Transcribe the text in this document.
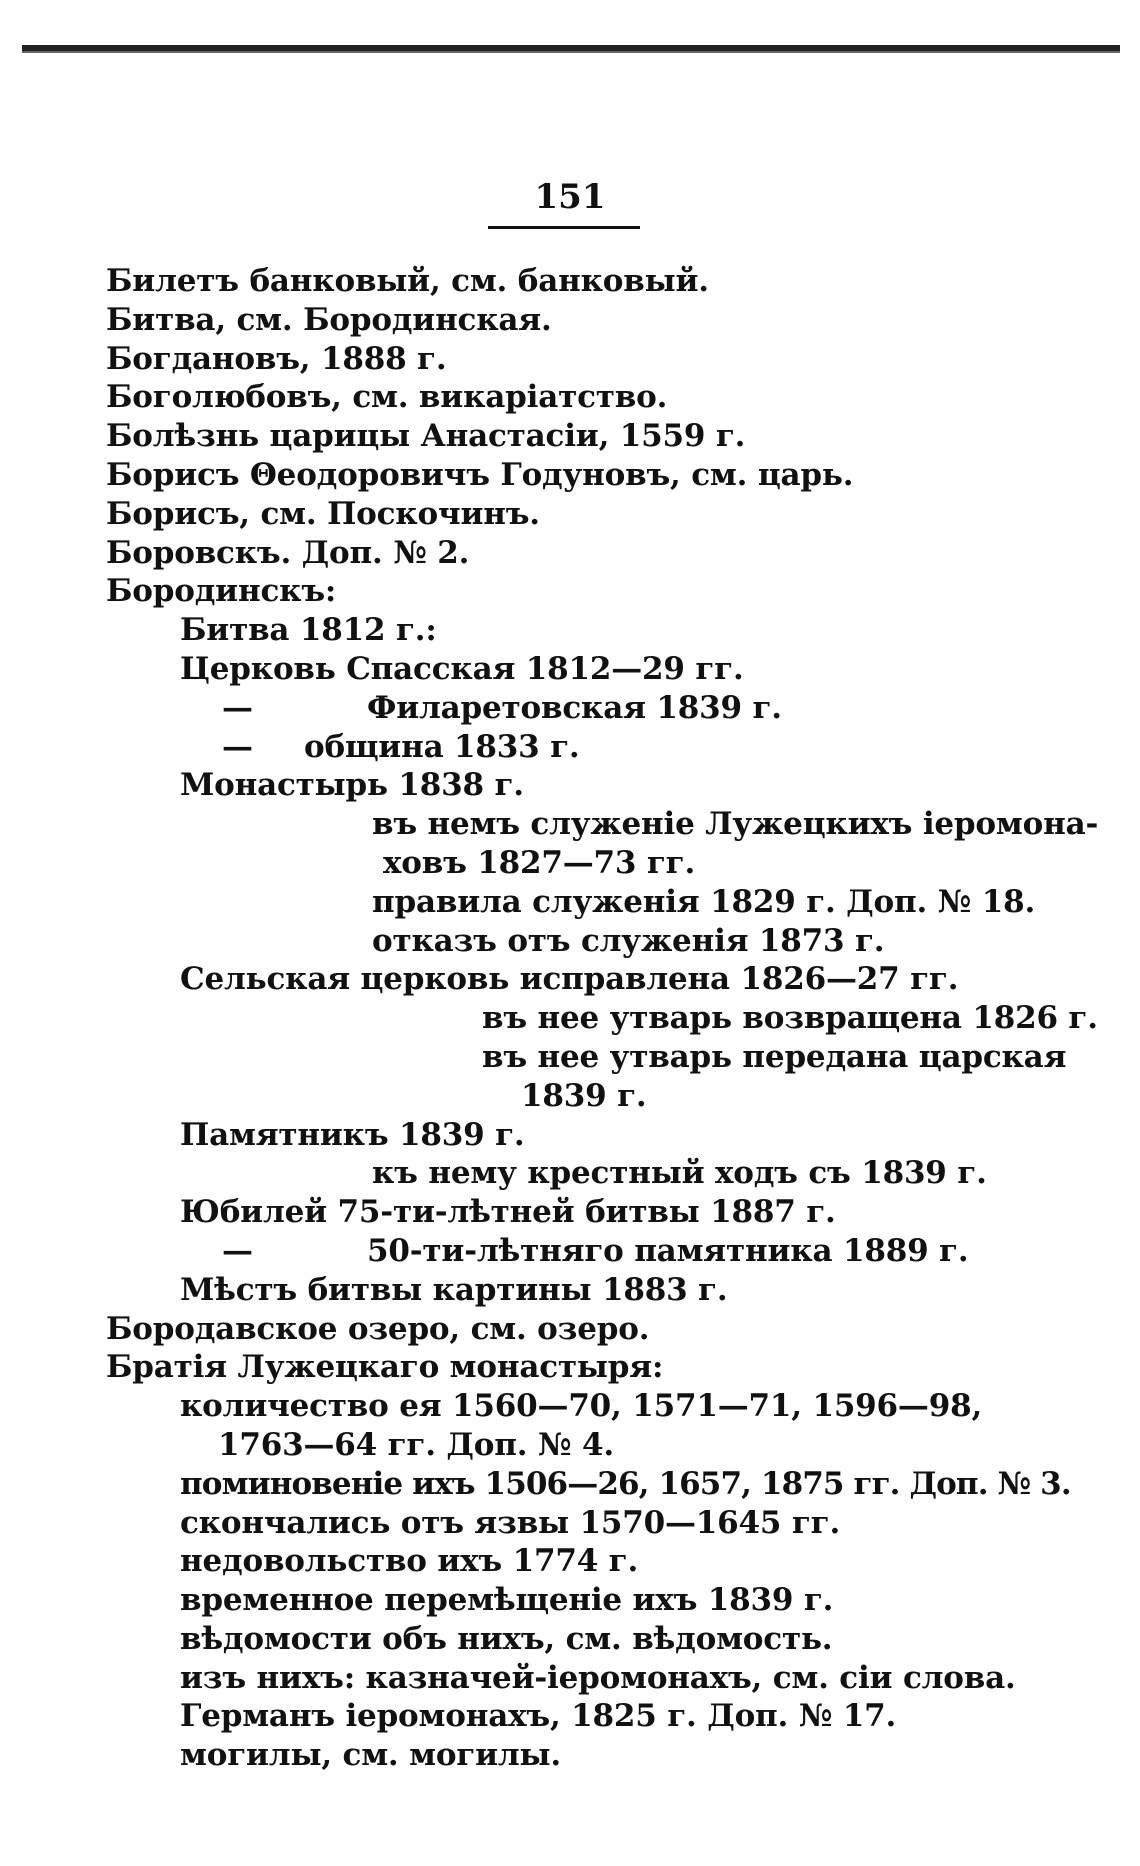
151
Билетъ банковый, см. банковый.
Битва, см. Бородинская.
Богдановъ, 1888 г.
Боголюбовъ, см. викаріатство.
Болѣзнь царицы Анастасіи, 1559 г.
Борисъ Θеодоровичъ Годуновъ, см. царь.
Борисъ, см. Поскочинъ.
Боровскъ. Доп. № 2.
Бородинскъ:
Битва 1812 г.:
Церковь Спасская 1812—29 гг.
—	Филаретовская 1839 г.
— община 1833 г.
Монастырь 1838 г.
въ немъ служеніе Лужецкихъ іеромона-
ховъ 1827—73 гг.
правила служенія 1829 г. Доп. № 18.
отказъ отъ служенія 1873 г.
Сельская церковь исправлена 1826—27 гг.
въ нее утварь возвращена 1826 г.
въ нее утварь передана царская
1839 г.
Памятникъ 1839 г.
къ нему крестный ходъ съ 1839 г.
Юбилей 75-ти-лѣтней битвы 1887 г.
—	50-ти-лѣтняго памятника 1889 г.
Мѣстъ битвы картины 1883 г.
Бородавское озеро, см. озеро.
Братія Лужецкаго монастыря:
количество ея 1560—70, 1571—71, 1596—98,
1763—64 гг. Доп. № 4.
поминовеніе ихъ 1506—26, 1657, 1875 гг. Доп. № 3.
скончались отъ язвы 1570—1645 гг.
недовольство ихъ 1774 г.
временное перемѣщеніе ихъ 1839 г.
вѣдомости объ нихъ, см. вѣдомость.
изъ нихъ: казначей-іеромонахъ, см. сіи слова.
Германъ іеромонахъ, 1825 г. Доп. № 17.
могилы, см. могилы.
